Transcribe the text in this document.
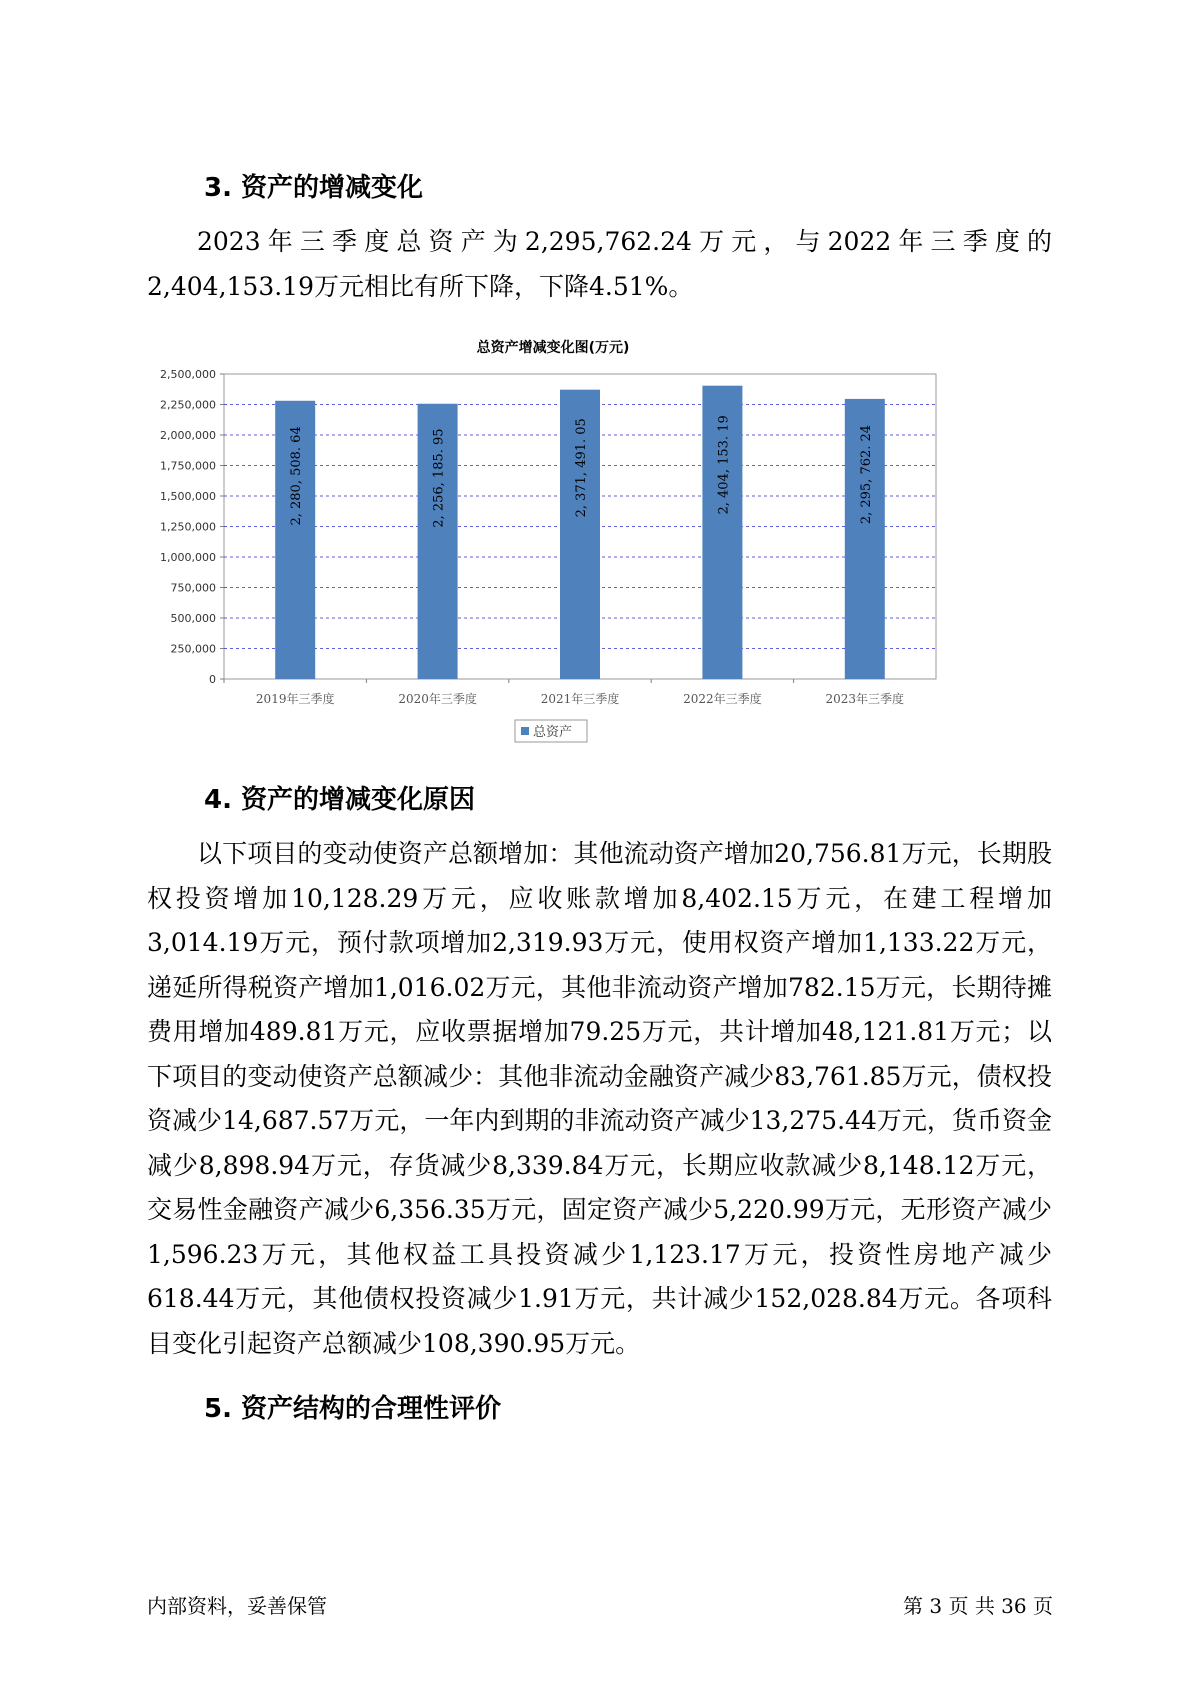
3. 资产的增减变化

2023年三季度总资产为2,295,762.24万元，与2022年三季度的2,404,153.19万元相比有所下降，下降4.51%。

总资产增减变化图(万元)
0
250,000
500,000
750,000
1,000,000
1,250,000
1,500,000
1,750,000
2,000,000
2,250,000
2,500,000
2, 280, 508. 64
2019年三季度
2, 256, 185. 95
2020年三季度
2, 371, 491. 05
2021年三季度
2, 404, 153. 19
2022年三季度
2, 295, 762. 24
2023年三季度
总资产
4. 资产的增减变化原因

以下项目的变动使资产总额增加：其他流动资产增加20,756.81万元，长期股权投资增加10,128.29万元，应收账款增加8,402.15万元，在建工程增加3,014.19万元，预付款项增加2,319.93万元，使用权资产增加1,133.22万元，递延所得税资产增加1,016.02万元，其他非流动资产增加782.15万元，长期待摊费用增加489.81万元，应收票据增加79.25万元，共计增加48,121.81万元；以下项目的变动使资产总额减少：其他非流动金融资产减少83,761.85万元，债权投资减少14,687.57万元，一年内到期的非流动资产减少13,275.44万元，货币资金减少8,898.94万元，存货减少8,339.84万元，长期应收款减少8,148.12万元，交易性金融资产减少6,356.35万元，固定资产减少5,220.99万元，无形资产减少1,596.23万元，其他权益工具投资减少1,123.17万元，投资性房地产减少618.44万元，其他债权投资减少1.91万元，共计减少152,028.84万元。各项科目变化引起资产总额减少108,390.95万元。

5. 资产结构的合理性评价
内部资料，妥善保管	第 3 页 共 36 页
